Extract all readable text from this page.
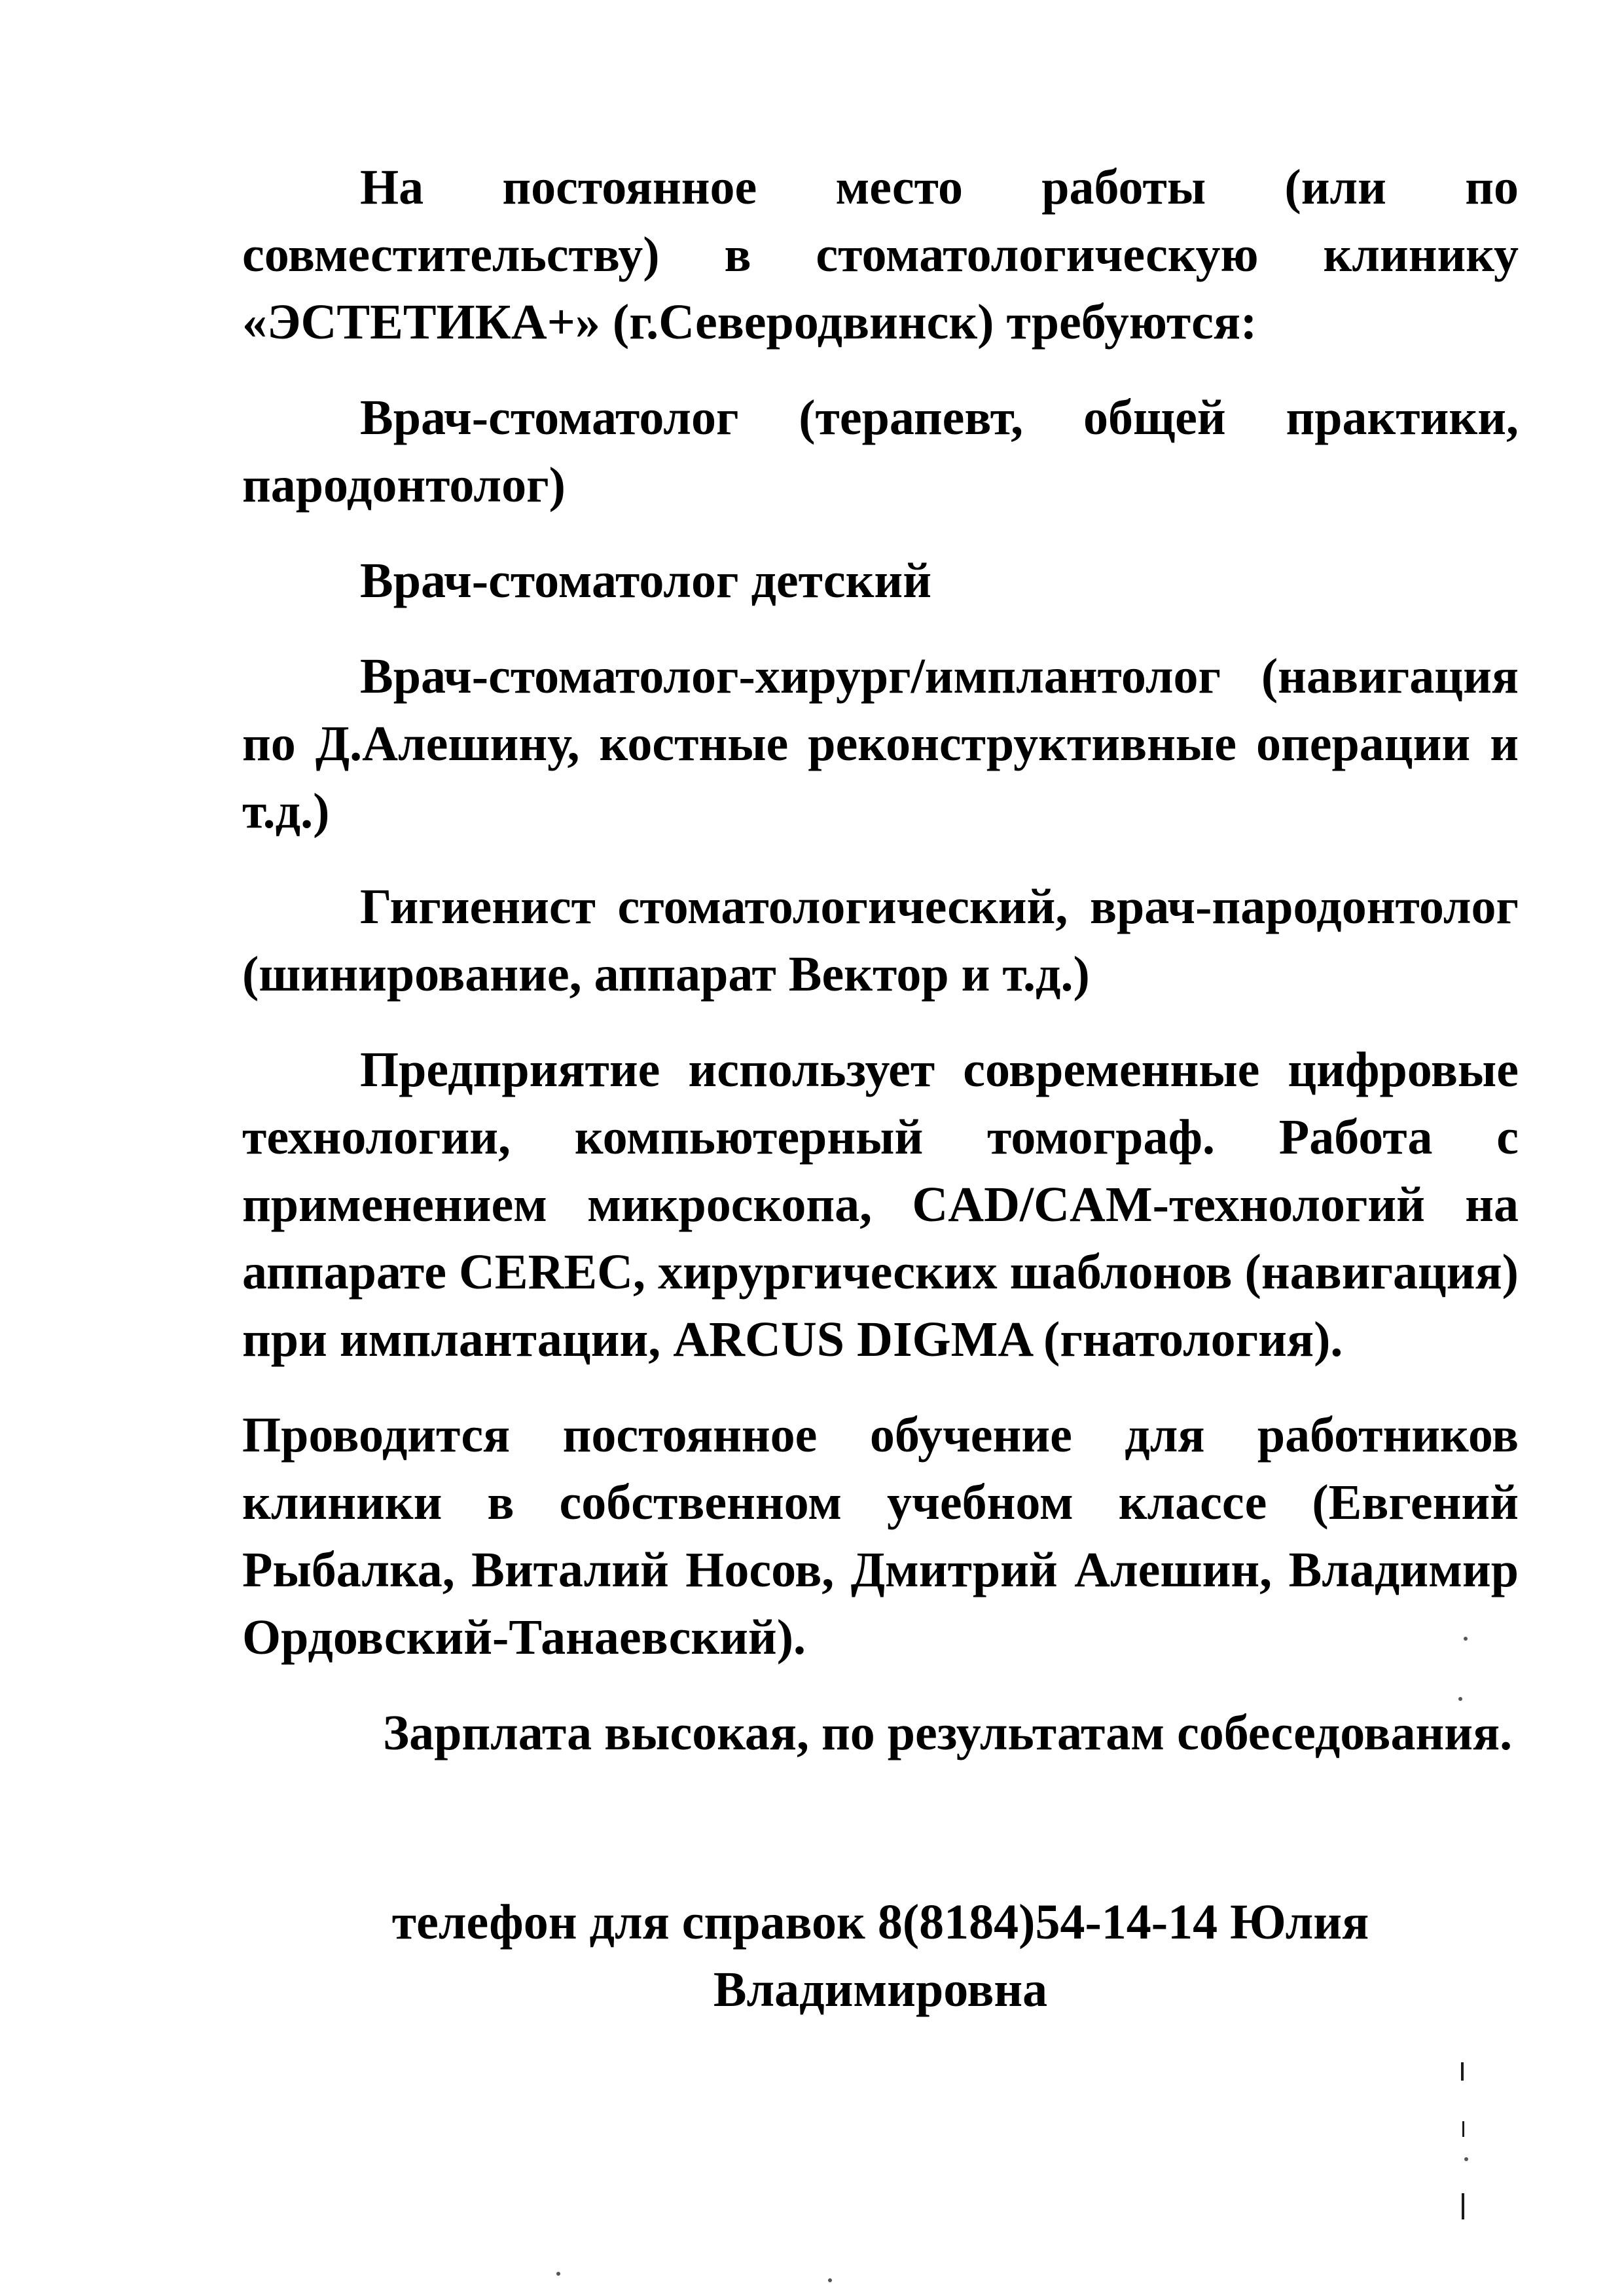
На постоянное место работы (или по совместительству) в стоматологическую клинику «ЭСТЕТИКА+» (г.Северодвинск) требуются:

Врач-стоматолог (терапевт, общей практики, пародонтолог)

Врач-стоматолог детский

Врач-стоматолог-хирург/имплантолог (навигация по Д.Алешину, костные реконструктивные операции и т.д.)

Гигиенист стоматологический, врач-пародонтолог (шинирование, аппарат Вектор и т.д.)

Предприятие использует современные цифровые технологии, компьютерный томограф. Работа с применением микроскопа, CAD/CAM-технологий на аппарате CEREC, хирургических шаблонов (навигация) при имплантации, ARCUS DIGMA (гнатология).

Проводится постоянное обучение для работников клиники в собственном учебном классе (Евгений Рыбалка, Виталий Носов, Дмитрий Алешин, Владимир Ордовский-Танаевский).

Зарплата высокая, по результатам собеседования.

телефон для справок 8(8184)54-14-14 Юлия
Владимировна
